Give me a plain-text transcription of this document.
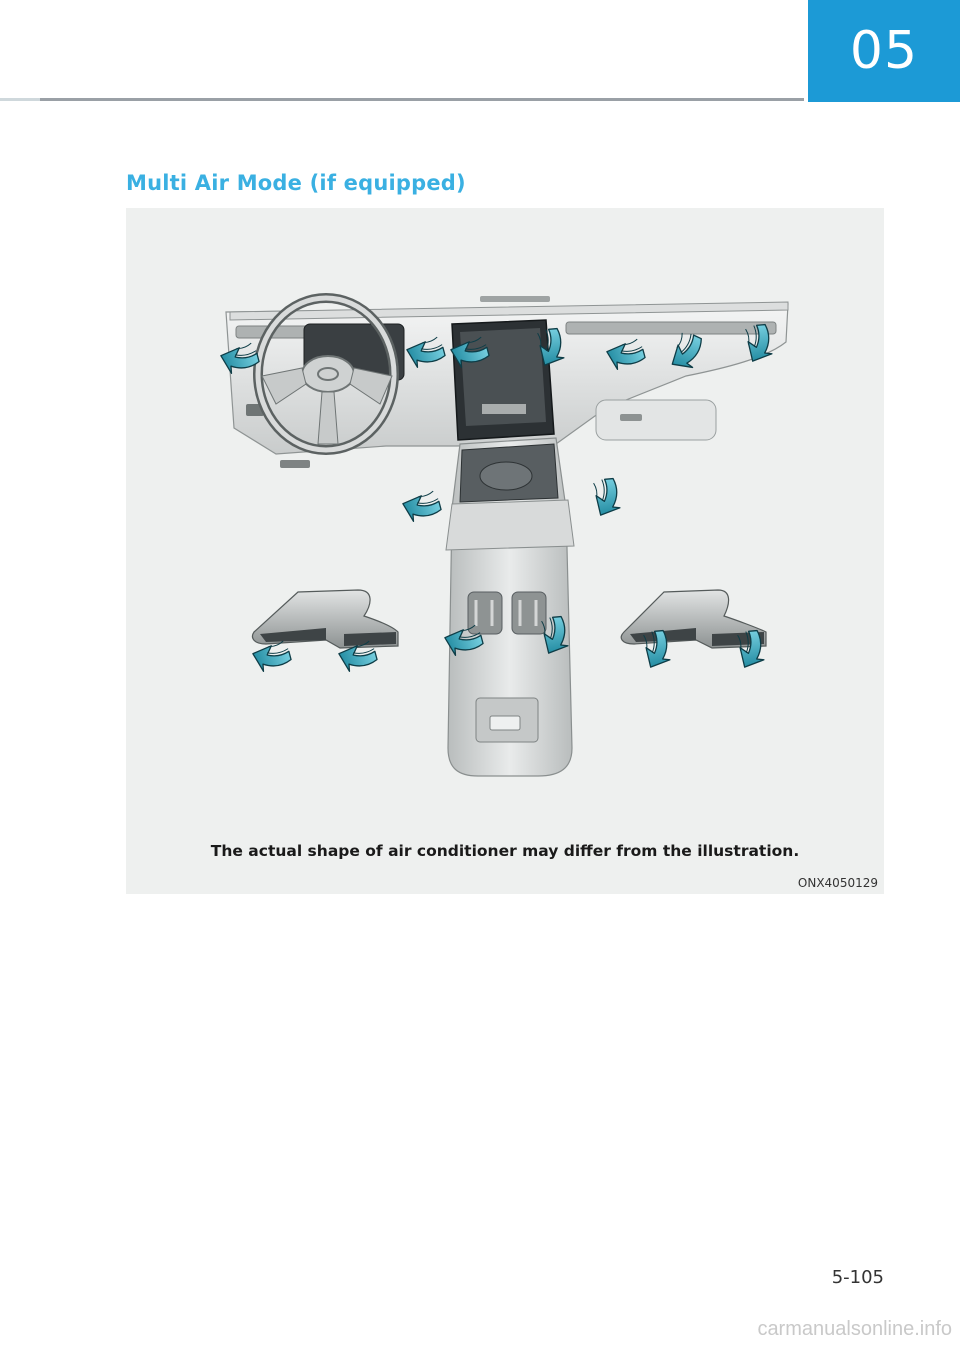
05
Multi Air Mode (if equipped)
The actual shape of air conditioner may differ from the illustration.
ONX4050129
5-105
carmanualsonline.info
